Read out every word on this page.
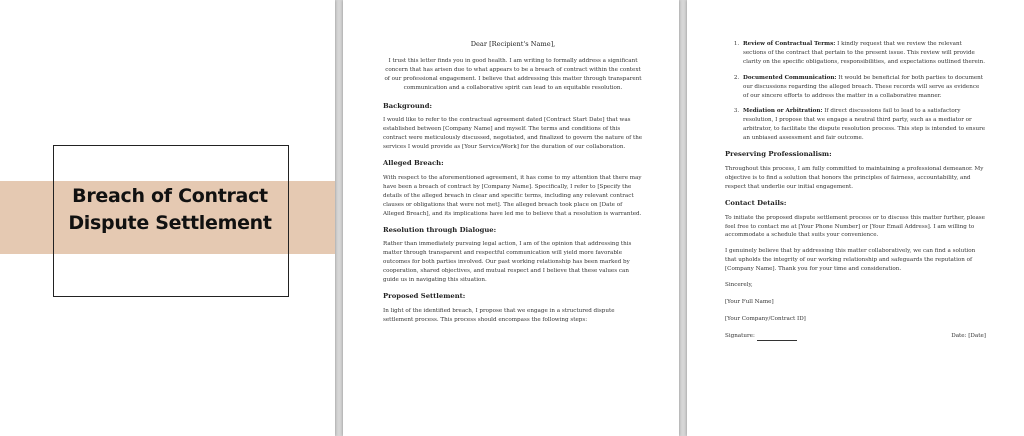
Breach of Contract
Dispute Settlement

Dear [Recipient's Name],

I trust this letter finds you in good health. I am writing to formally address a significant concern that has arisen due to what appears to be a breach of contract within the context of our professional engagement. I believe that addressing this matter through transparent communication and a collaborative spirit can lead to an equitable resolution.

Background:

I would like to refer to the contractual agreement dated [Contract Start Date] that was established between [Company Name] and myself. The terms and conditions of this contract were meticulously discussed, negotiated, and finalized to govern the nature of the services I would provide as [Your Service/Work] for the duration of our collaboration.

Alleged Breach:

With respect to the aforementioned agreement, it has come to my attention that there may have been a breach of contract by [Company Name]. Specifically, I refer to [Specify the details of the alleged breach in clear and specific terms, including any relevant contract clauses or obligations that were not met]. The alleged breach took place on [Date of Alleged Breach], and its implications have led me to believe that a resolution is warranted.

Resolution through Dialogue:

Rather than immediately pursuing legal action, I am of the opinion that addressing this matter through transparent and respectful communication will yield more favorable outcomes for both parties involved. Our past working relationship has been marked by cooperation, shared objectives, and mutual respect and I believe that these values can guide us in navigating this situation.

Proposed Settlement:

In light of the identified breach, I propose that we engage in a structured dispute settlement process. This process should encompass the following steps:

1. Review of Contractual Terms: I kindly request that we review the relevant sections of the contract that pertain to the present issue. This review will provide clarity on the specific obligations, responsibilities, and expectations outlined therein.
2. Documented Communication: It would be beneficial for both parties to document our discussions regarding the alleged breach. These records will serve as evidence of our sincere efforts to address the matter in a collaborative manner.
3. Mediation or Arbitration: If direct discussions fail to lead to a satisfactory resolution, I propose that we engage a neutral third party, such as a mediator or arbitrator, to facilitate the dispute resolution process. This step is intended to ensure an unbiased assessment and fair outcome.

Preserving Professionalism:

Throughout this process, I am fully committed to maintaining a professional demeanor. My objective is to find a solution that honors the principles of fairness, accountability, and respect that underlie our initial engagement.

Contact Details:

To initiate the proposed dispute settlement process or to discuss this matter further, please feel free to contact me at [Your Phone Number] or [Your Email Address]. I am willing to accommodate a schedule that suits your convenience.

I genuinely believe that by addressing this matter collaboratively, we can find a solution that upholds the integrity of our working relationship and safeguards the reputation of [Company Name]. Thank you for your time and consideration.

Sincerely,

[Your Full Name]

[Your Company/Contract ID]

Signature:	Date: [Date]
